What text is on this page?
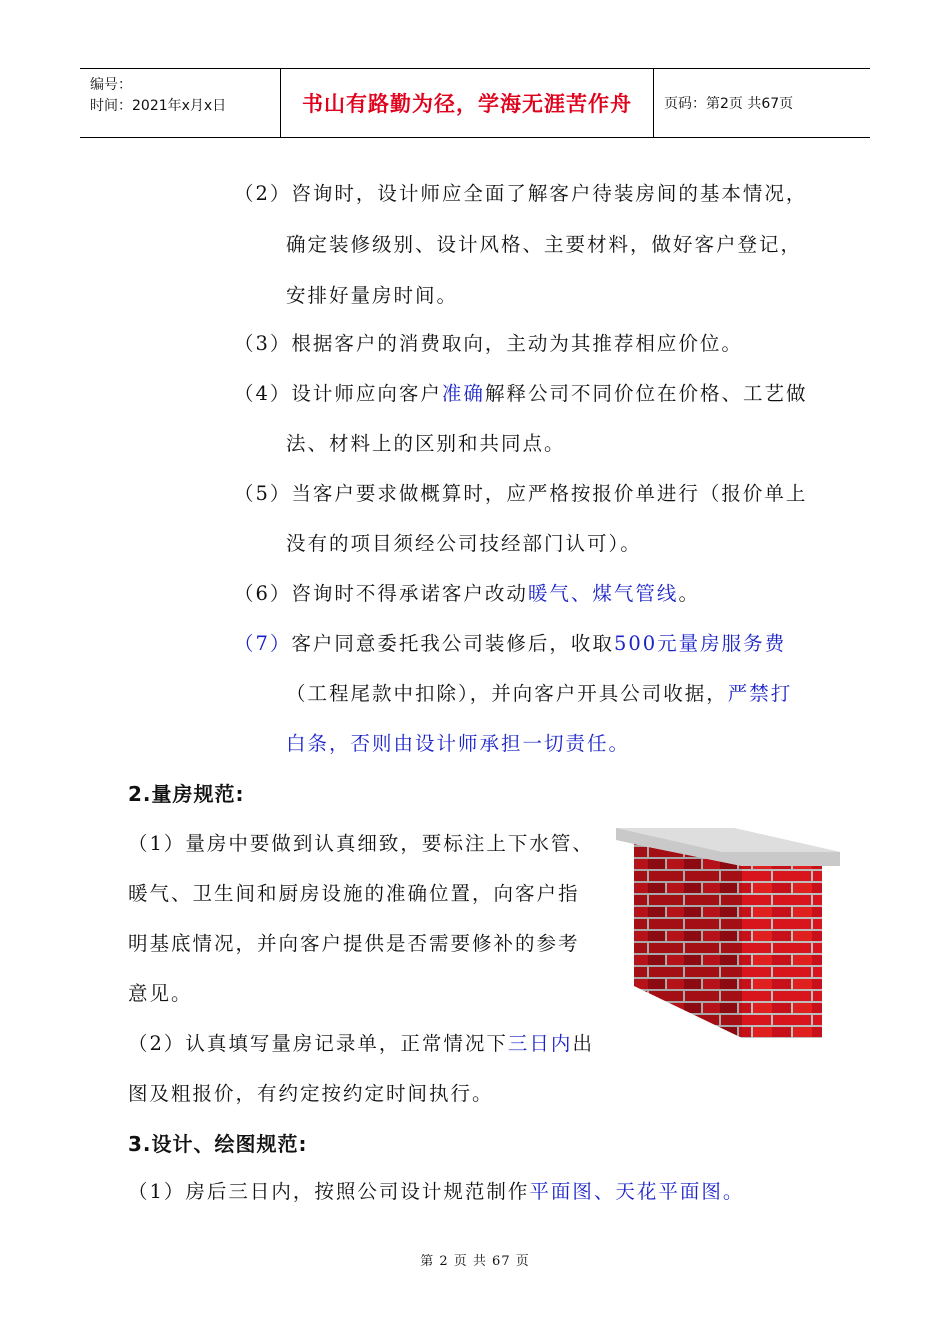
编号：
时间：2021年x月x日	书山有路勤为径，学海无涯苦作舟	页码：第2页 共67页
（2）咨询时，设计师应全面了解客户待装房间的基本情况，
确定装修级别、设计风格、主要材料，做好客户登记，
安排好量房时间。
（3）根据客户的消费取向，主动为其推荐相应价位。
（4）设计师应向客户准确解释公司不同价位在价格、工艺做
法、材料上的区别和共同点。
（5）当客户要求做概算时，应严格按报价单进行（报价单上
没有的项目须经公司技经部门认可）。
（6）咨询时不得承诺客户改动暖气、煤气管线。
（7）客户同意委托我公司装修后，收取500元量房服务费
（工程尾款中扣除），并向客户开具公司收据，严禁打
白条，否则由设计师承担一切责任。
2.量房规范:
（1）量房中要做到认真细致，要标注上下水管、
暖气、卫生间和厨房设施的准确位置，向客户指
明基底情况，并向客户提供是否需要修补的参考
意见。
（2）认真填写量房记录单，正常情况下三日内出
图及粗报价，有约定按约定时间执行。
3.设计、绘图规范:
（1）房后三日内，按照公司设计规范制作平面图、天花平面图。
第 2 页 共 67 页
